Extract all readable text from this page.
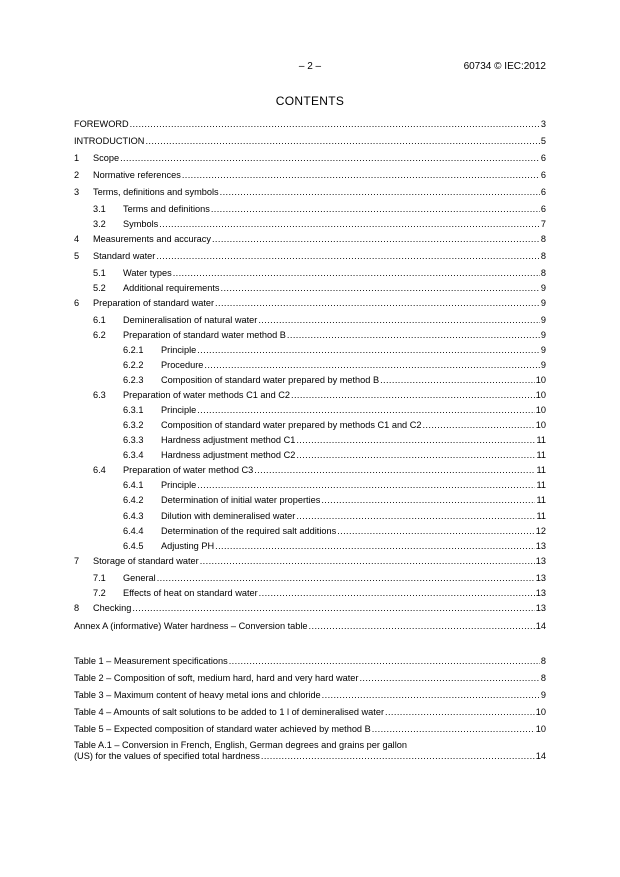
– 2 –	60734 © IEC:2012
CONTENTS
FOREWORD .....	3
INTRODUCTION .....	5
1	Scope .....	6
2	Normative references .....	6
3	Terms, definitions and symbols .....	6
3.1	Terms and definitions .....	6
3.2	Symbols .....	7
4	Measurements and accuracy .....	8
5	Standard water .....	8
5.1	Water types .....	8
5.2	Additional requirements .....	9
6	Preparation of standard water .....	9
6.1	Demineralisation of natural water .....	9
6.2	Preparation of standard water method B .....	9
6.2.1	Principle .....	9
6.2.2	Procedure .....	9
6.2.3	Composition of standard water prepared by method B .....	10
6.3	Preparation of water methods C1 and C2 .....	10
6.3.1	Principle .....	10
6.3.2	Composition of standard water prepared by methods C1 and C2 .....	10
6.3.3	Hardness adjustment method C1 .....	11
6.3.4	Hardness adjustment method C2 .....	11
6.4	Preparation of water method C3 .....	11
6.4.1	Principle .....	11
6.4.2	Determination of initial water properties .....	11
6.4.3	Dilution with demineralised water .....	11
6.4.4	Determination of the required salt additions .....	12
6.4.5	Adjusting PH .....	13
7	Storage of standard water .....	13
7.1	General .....	13
7.2	Effects of heat on standard water .....	13
8	Checking .....	13
Annex A (informative) Water hardness – Conversion table .....	14
Table 1 – Measurement specifications .....	8
Table 2 – Composition of soft, medium hard, hard and very hard water .....	8
Table 3 – Maximum content of heavy metal ions and chloride .....	9
Table 4 – Amounts of salt solutions to be added to 1 l of demineralised water .....	10
Table 5 – Expected composition of standard water achieved by method B .....	10
Table A.1 – Conversion in French, English, German degrees and grains per gallon
(US) for the values of specified total hardness .....	14
